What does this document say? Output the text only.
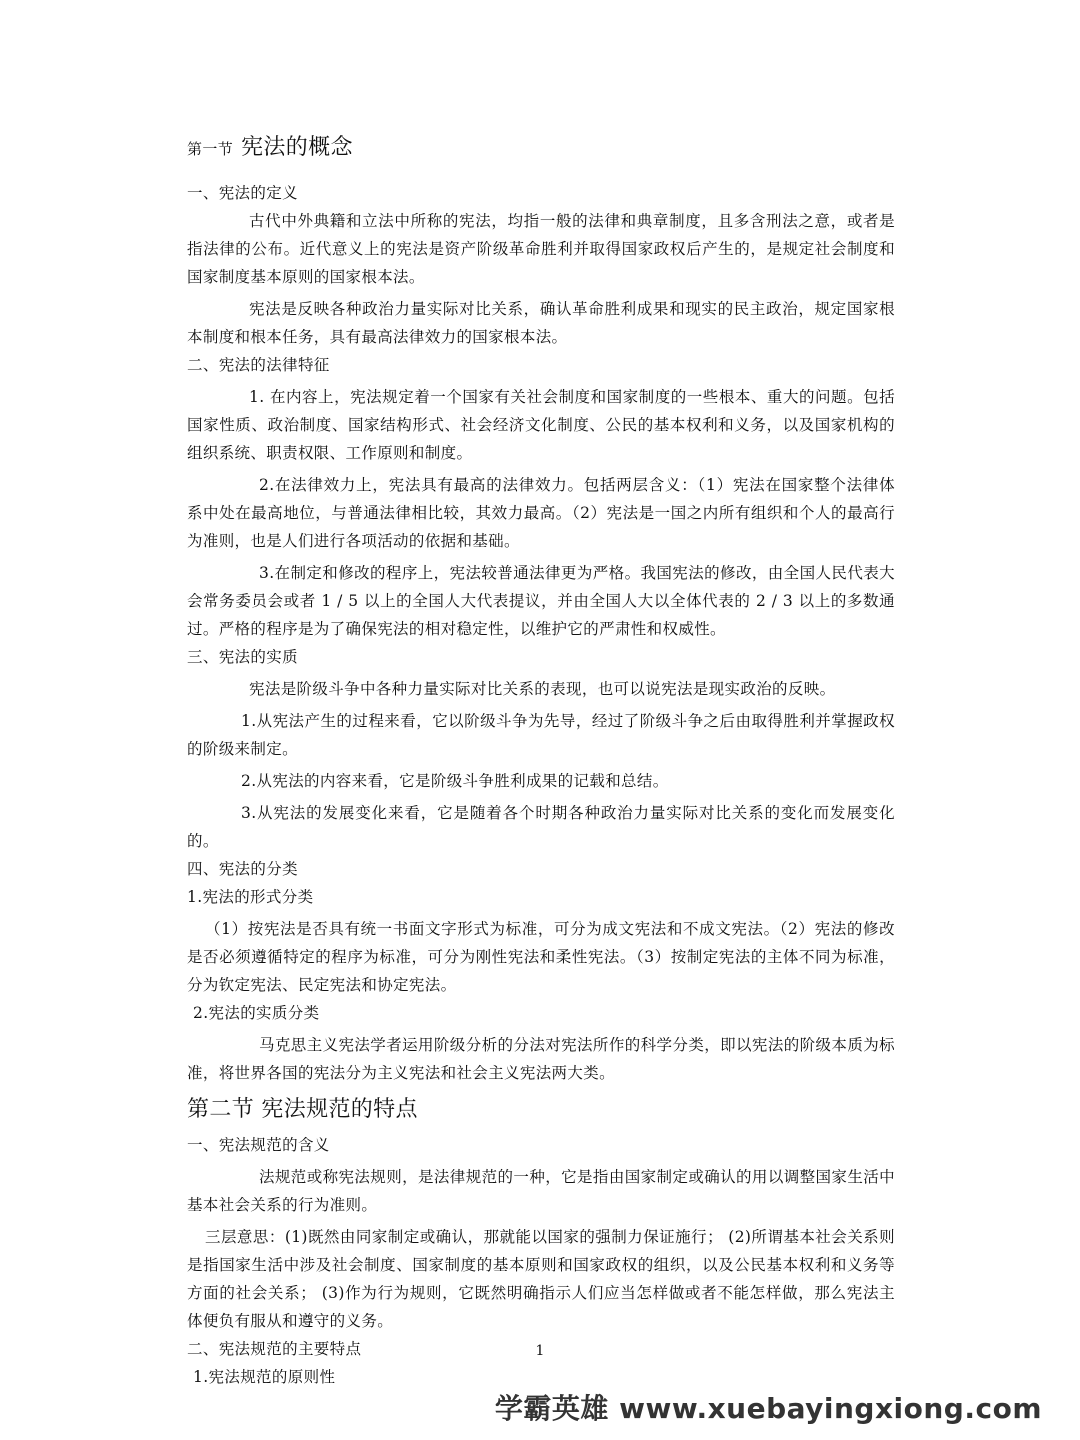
第一节 宪法的概念

一、宪法的定义

古代中外典籍和立法中所称的宪法，均指一般的法律和典章制度，且多含刑法之意，或者是指法律的公布。近代意义上的宪法是资产阶级革命胜利并取得国家政权后产生的，是规定社会制度和国家制度基本原则的国家根本法。

宪法是反映各种政治力量实际对比关系，确认革命胜利成果和现实的民主政治，规定国家根本制度和根本任务，具有最高法律效力的国家根本法。

二、宪法的法律特征

1. 在内容上，宪法规定着一个国家有关社会制度和国家制度的一些根本、重大的问题。包括国家性质、政治制度、国家结构形式、社会经济文化制度、公民的基本权利和义务，以及国家机构的组织系统、职责权限、工作原则和制度。

2.在法律效力上，宪法具有最高的法律效力。包括两层含义：（1）宪法在国家整个法律体系中处在最高地位，与普通法律相比较，其效力最高。（2）宪法是一国之内所有组织和个人的最高行为准则，也是人们进行各项活动的依据和基础。

3.在制定和修改的程序上，宪法较普通法律更为严格。我国宪法的修改，由全国人民代表大会常务委员会或者 1 / 5 以上的全国人大代表提议，并由全国人大以全体代表的 2 / 3 以上的多数通过。严格的程序是为了确保宪法的相对稳定性，以维护它的严肃性和权威性。

三、宪法的实质

宪法是阶级斗争中各种力量实际对比关系的表现，也可以说宪法是现实政治的反映。

1.从宪法产生的过程来看，它以阶级斗争为先导，经过了阶级斗争之后由取得胜利并掌握政权的阶级来制定。

2.从宪法的内容来看，它是阶级斗争胜利成果的记载和总结。

3.从宪法的发展变化来看，它是随着各个时期各种政治力量实际对比关系的变化而发展变化的。

四、宪法的分类

1.宪法的形式分类

（1）按宪法是否具有统一书面文字形式为标准，可分为成文宪法和不成文宪法。（2）宪法的修改是否必须遵循特定的程序为标准，可分为刚性宪法和柔性宪法。（3）按制定宪法的主体不同为标准，分为钦定宪法、民定宪法和协定宪法。

2.宪法的实质分类

马克思主义宪法学者运用阶级分析的分法对宪法所作的科学分类，即以宪法的阶级本质为标准，将世界各国的宪法分为主义宪法和社会主义宪法两大类。

第二节 宪法规范的特点

一、宪法规范的含义

法规范或称宪法规则，是法律规范的一种，它是指由国家制定或确认的用以调整国家生活中基本社会关系的行为准则。

三层意思：(1)既然由同家制定或确认，那就能以国家的强制力保证施行； (2)所谓基本社会关系则是指国家生活中涉及社会制度、国家制度的基本原则和国家政权的组织，以及公民基本权利和义务等方面的社会关系； (3)作为行为规则，它既然明确指示人们应当怎样做或者不能怎样做，那么宪法主体便负有服从和遵守的义务。

二、宪法规范的主要特点

1.宪法规范的原则性

1
学霸英雄 www.xuebayingxiong.com
